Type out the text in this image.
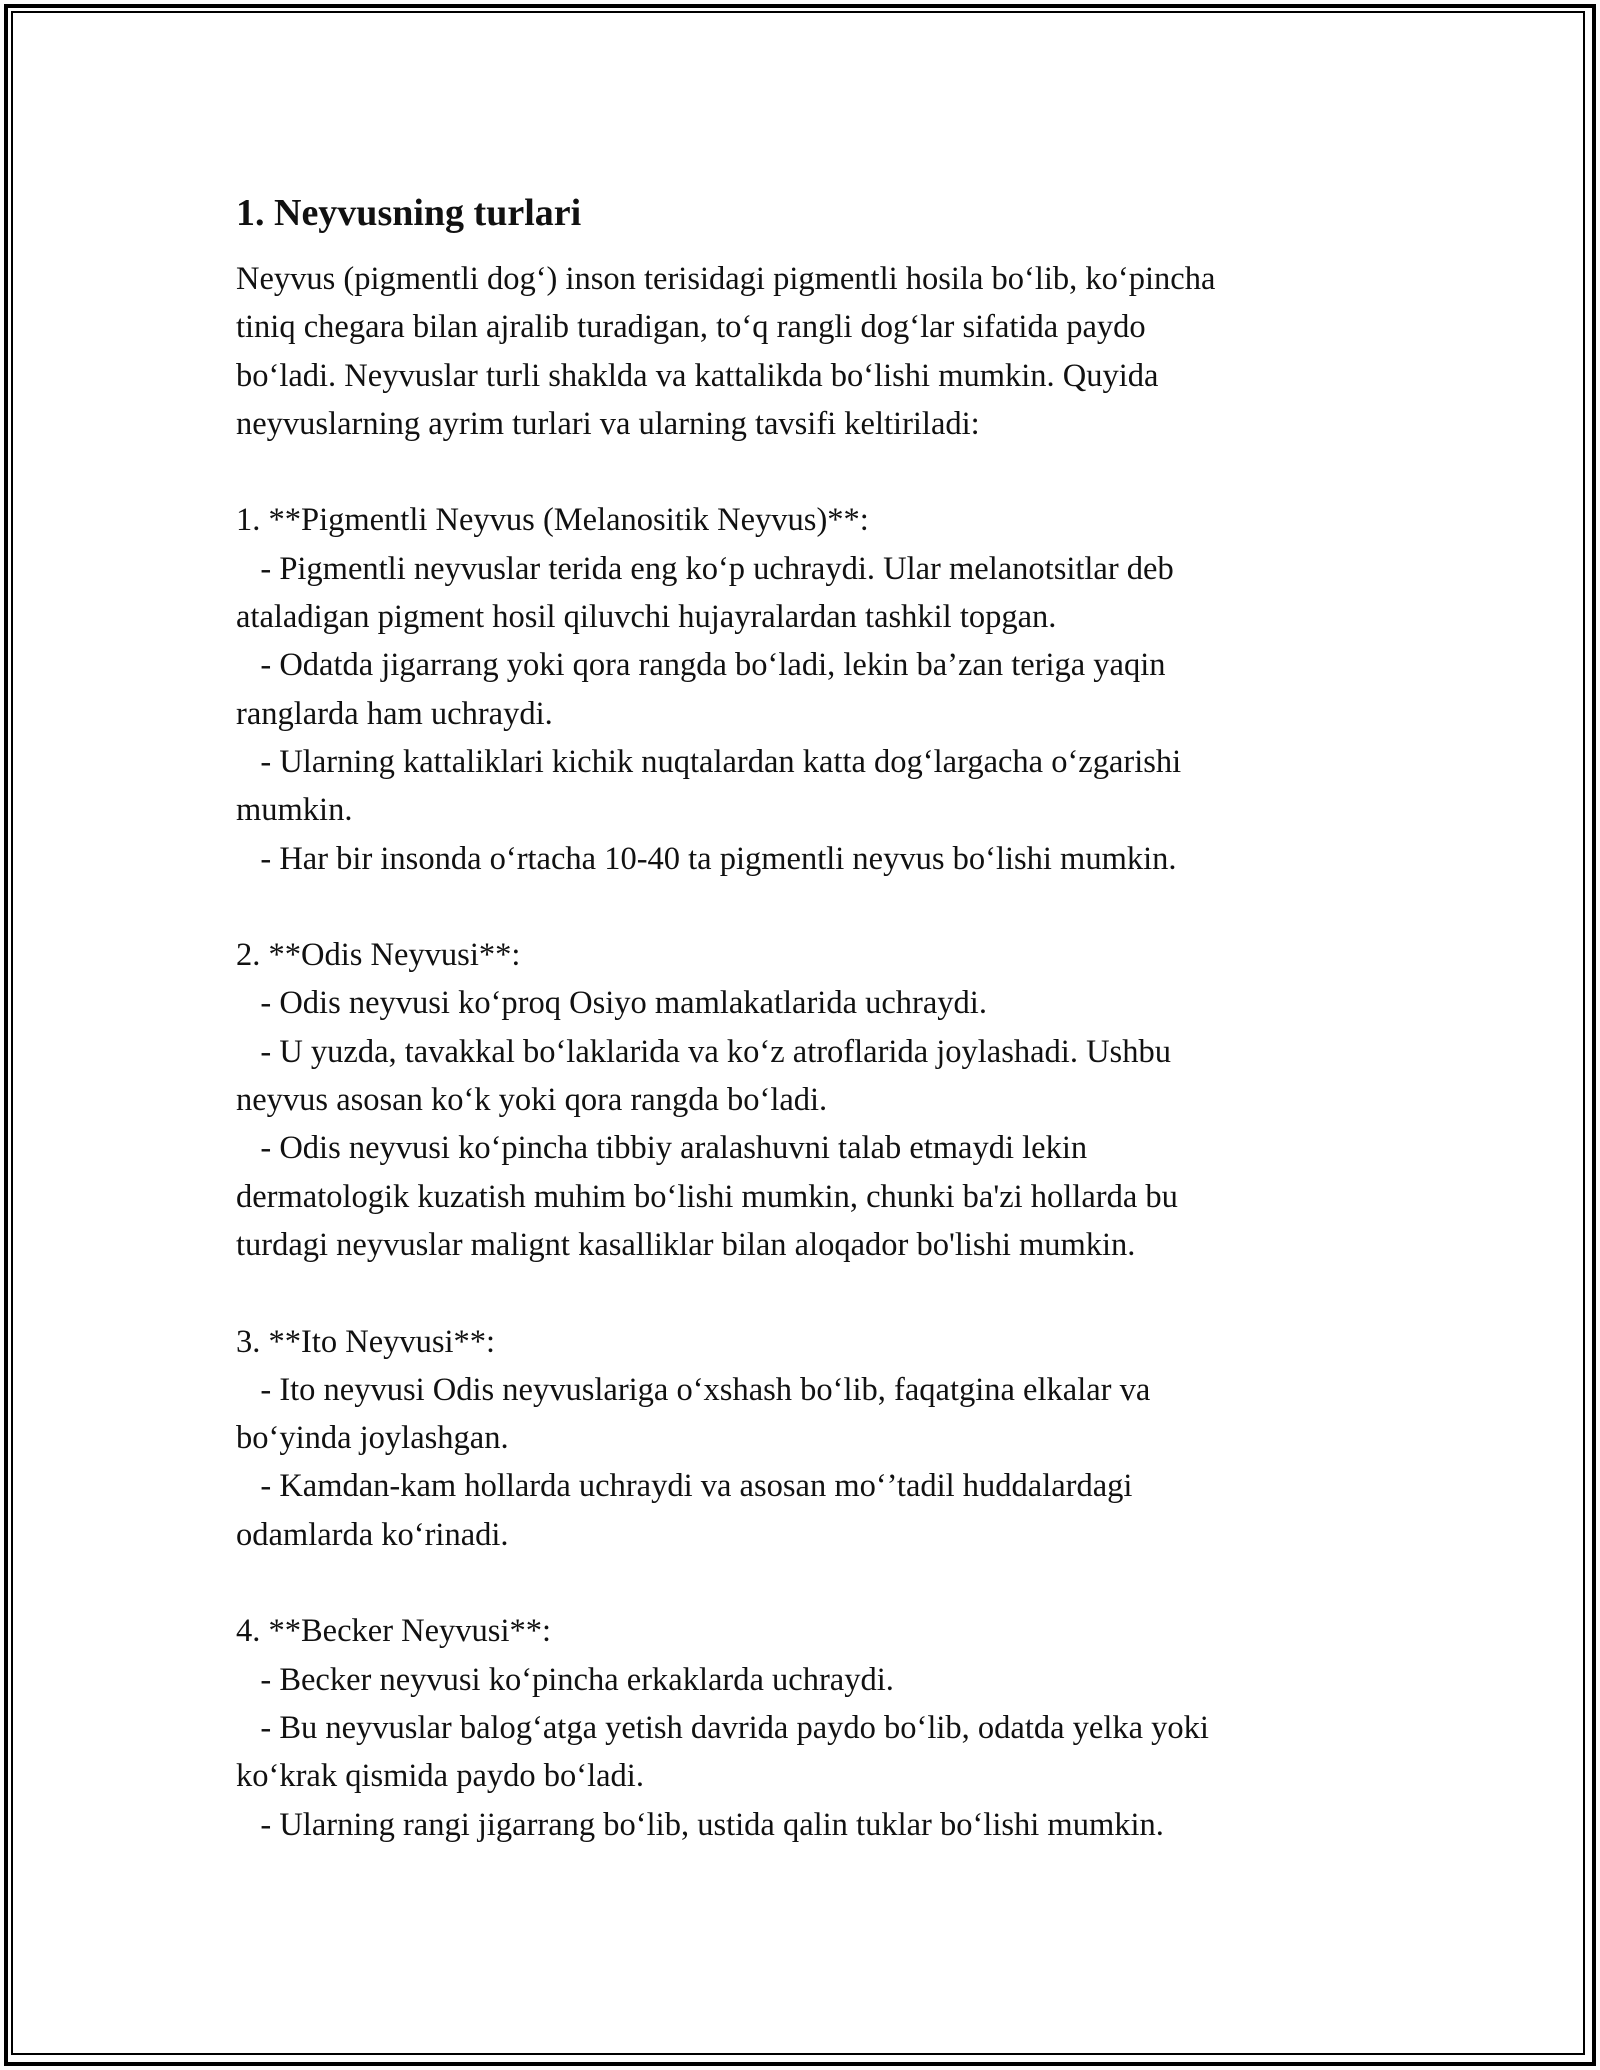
1. Neyvusning turlari

Neyvus (pigmentli dog‘) inson terisidagi pigmentli hosila bo‘lib, ko‘pincha

tiniq chegara bilan ajralib turadigan, to‘q rangli dog‘lar sifatida paydo

bo‘ladi. Neyvuslar turli shaklda va kattalikda bo‘lishi mumkin. Quyida

neyvuslarning ayrim turlari va ularning tavsifi keltiriladi:

1. **Pigmentli Neyvus (Melanositik Neyvus)**:

- Pigmentli neyvuslar terida eng ko‘p uchraydi. Ular melanotsitlar deb

ataladigan pigment hosil qiluvchi hujayralardan tashkil topgan.

- Odatda jigarrang yoki qora rangda bo‘ladi, lekin ba’zan teriga yaqin

ranglarda ham uchraydi.

- Ularning kattaliklari kichik nuqtalardan katta dog‘largacha o‘zgarishi

mumkin.

- Har bir insonda o‘rtacha 10-40 ta pigmentli neyvus bo‘lishi mumkin.

2. **Odis Neyvusi**:

- Odis neyvusi ko‘proq Osiyo mamlakatlarida uchraydi.

- U yuzda, tavakkal bo‘laklarida va ko‘z atroflarida joylashadi. Ushbu

neyvus asosan ko‘k yoki qora rangda bo‘ladi.

- Odis neyvusi ko‘pincha tibbiy aralashuvni talab etmaydi lekin

dermatologik kuzatish muhim bo‘lishi mumkin, chunki ba'zi hollarda bu

turdagi neyvuslar malignt kasalliklar bilan aloqador bo'lishi mumkin.

3. **Ito Neyvusi**:

- Ito neyvusi Odis neyvuslariga o‘xshash bo‘lib, faqatgina elkalar va

bo‘yinda joylashgan.

- Kamdan-kam hollarda uchraydi va asosan mo‘’tadil huddalardagi

odamlarda ko‘rinadi.

4. **Becker Neyvusi**:

- Becker neyvusi ko‘pincha erkaklarda uchraydi.

- Bu neyvuslar balog‘atga yetish davrida paydo bo‘lib, odatda yelka yoki

ko‘krak qismida paydo bo‘ladi.

- Ularning rangi jigarrang bo‘lib, ustida qalin tuklar bo‘lishi mumkin.
